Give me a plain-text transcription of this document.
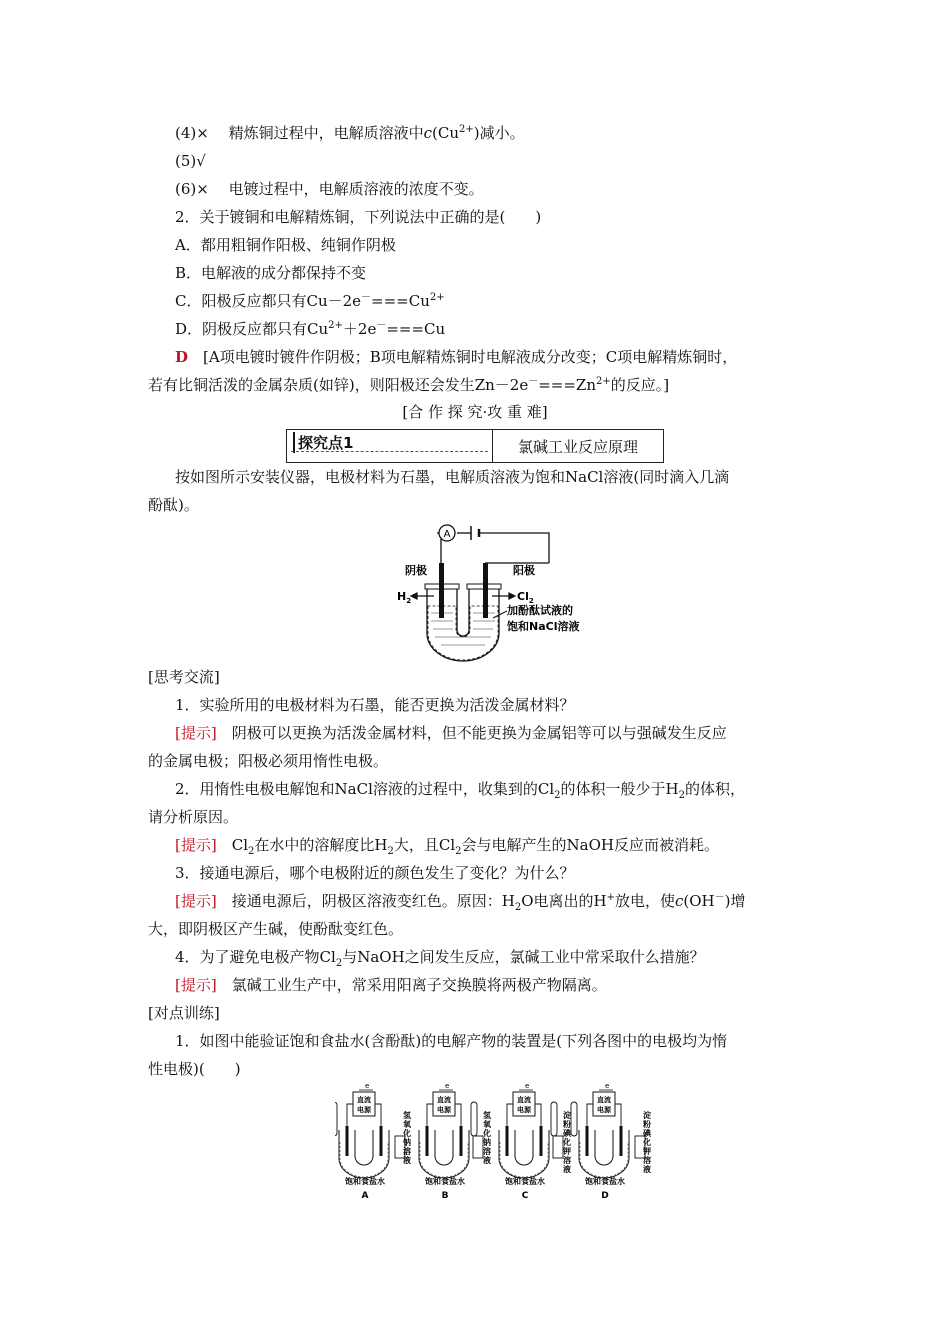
(4)×　 精炼铜过程中，电解质溶液中$c(Cu^{2+})$减小。
(5)√
(6)×　 电镀过程中，电解质溶液的浓度不变。
2．关于镀铜和电解精炼铜，下列说法中正确的是(　　)
A．都用粗铜作阳极、纯铜作阴极
B．电解液的成分都保持不变
C．阳极反应都只有$Cu-2e^-===Cu^{2+}$
D．阴极反应都只有$Cu^{2+}+2e^-===Cu$
D　 [A项电镀时镀件作阴极；B项电解精炼铜时电解液成分改变；C项电解精炼铜时，
若有比铜活泼的金属杂质(如锌)，则阳极还会发生$Zn-2e^-===Zn^{2+}$的反应。]
[合 作 探 究·攻 重 难]
探究点1	氯碱工业反应原理
按如图所示安装仪器，电极材料为石墨，电解质溶液为饱和NaCl溶液(同时滴入几滴
酚酞)。
A
阴极	阳极
$H_2$	$Cl_2$
加酚酞试液的
饱和NaCl溶液
[思考交流]
1．实验所用的电极材料为石墨，能否更换为活泼金属材料？
[提示]　 阴极可以更换为活泼金属材料，但不能更换为金属铝等可以与强碱发生反应
的金属电极；阳极必须用惰性电极。
2．用惰性电极电解饱和NaCl溶液的过程中，收集到的$Cl_2$的体积一般少于$H_2$的体积，
请分析原因。
[提示]　 $Cl_2$在水中的溶解度比$H_2$大，且$Cl_2$会与电解产生的NaOH反应而被消耗。
3．接通电源后，哪个电极附近的颜色发生了变化？为什么？
[提示]　 接通电源后，阴极区溶液变红色。原因：$H_2O$电离出的H+放电，使c(OH－)增
大，即阴极区产生碱，使酚酞变红色。
4．为了避免电极产物$Cl_2$与NaOH之间发生反应，氯碱工业中常采取什么措施？
[提示]　 氯碱工业生产中，常采用阳离子交换膜将两极产物隔离。
[对点训练]
1．如图中能验证饱和食盐水(含酚酞)的电解产物的装置是(下列各图中的电极均为惰
性电极)(　　)
e
直流
电源
氢
氧
化
钠
溶
液
饱和食盐水
A
e
直流
电源
氢
氧
化
钠
溶
液
饱和食盐水
B
e
直流
电源
淀
粉
碘
化
钾
溶
液
饱和食盐水
C
e
直流
电源
淀
粉
碘
化
钾
溶
液
饱和食盐水
D
